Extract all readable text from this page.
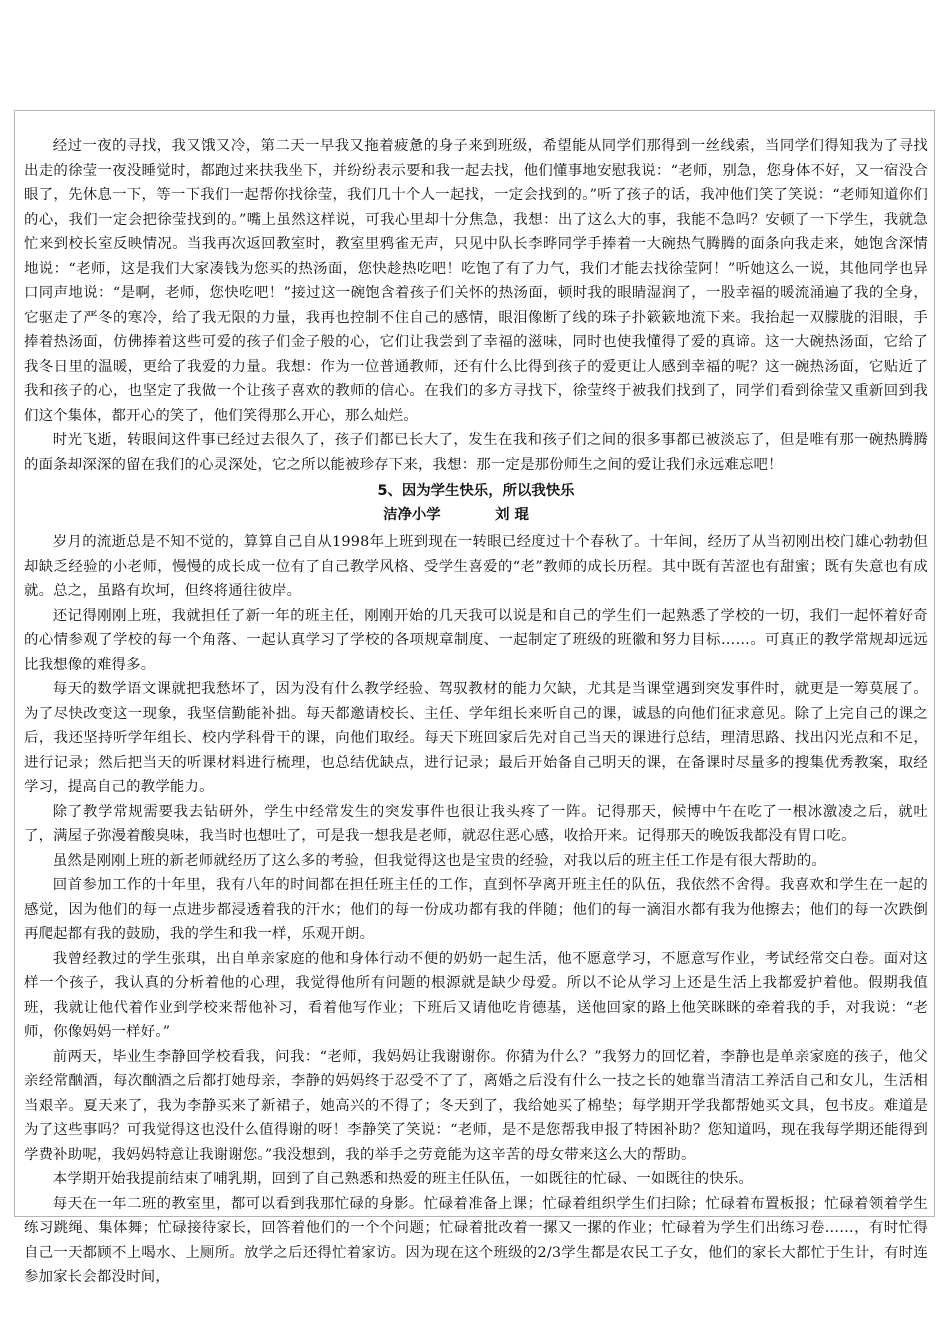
经过一夜的寻找，我又饿又冷，第二天一早我又拖着疲惫的身子来到班级，希望能从同学们那得到一丝线索，当同学们得知我为了寻找出走的徐莹一夜没睡觉时，都跑过来扶我坐下，并纷纷表示要和我一起去找，他们懂事地安慰我说：“老师，别急，您身体不好，又一宿没合眼了，先休息一下，等一下我们一起帮你找徐莹，我们几十个人一起找，一定会找到的。”听了孩子的话，我冲他们笑了笑说：“老师知道你们的心，我们一定会把徐莹找到的。”嘴上虽然这样说，可我心里却十分焦急，我想：出了这么大的事，我能不急吗？安顿了一下学生，我就急忙来到校长室反映情况。当我再次返回教室时，教室里鸦雀无声，只见中队长李晔同学手捧着一大碗热气腾腾的面条向我走来，她饱含深情地说：“老师，这是我们大家凑钱为您买的热汤面，您快趁热吃吧！吃饱了有了力气，我们才能去找徐莹阿！”听她这么一说，其他同学也异口同声地说：“是啊，老师，您快吃吧！”接过这一碗饱含着孩子们关怀的热汤面，顿时我的眼睛湿润了，一股幸福的暖流涌遍了我的全身，它驱走了严冬的寒冷，给了我无限的力量，我再也控制不住自己的感情，眼泪像断了线的珠子扑簌簌地流下来。我抬起一双朦胧的泪眼，手捧着热汤面，仿佛捧着这些可爱的孩子们金子般的心，它们让我尝到了幸福的滋味，同时也使我懂得了爱的真谛。这一大碗热汤面，它给了我冬日里的温暖，更给了我爱的力量。我想：作为一位普通教师，还有什么比得到孩子的爱更让人感到幸福的呢？这一碗热汤面，它贴近了我和孩子的心，也坚定了我做一个让孩子喜欢的教师的信心。在我们的多方寻找下，徐莹终于被我们找到了，同学们看到徐莹又重新回到我们这个集体，都开心的笑了，他们笑得那么开心，那么灿烂。

时光飞逝，转眼间这件事已经过去很久了，孩子们都已长大了，发生在我和孩子们之间的很多事都已被淡忘了，但是唯有那一碗热腾腾的面条却深深的留在我们的心灵深处，它之所以能被珍存下来，我想：那一定是那份师生之间的爱让我们永远难忘吧！

5、因为学生快乐，所以我快乐
洁净小学	刘 琨

岁月的流逝总是不知不觉的，算算自己自从1998年上班到现在一转眼已经度过十个春秋了。十年间，经历了从当初刚出校门雄心勃勃但却缺乏经验的小老师，慢慢的成长成一位有了自己教学风格、受学生喜爱的“老”教师的成长历程。其中既有苦涩也有甜蜜；既有失意也有成就。总之，虽路有坎坷，但终将通往彼岸。

还记得刚刚上班，我就担任了新一年的班主任，刚刚开始的几天我可以说是和自己的学生们一起熟悉了学校的一切，我们一起怀着好奇的心情参观了学校的每一个角落、一起认真学习了学校的各项规章制度、一起制定了班级的班徽和努力目标……。可真正的教学常规却远远比我想像的难得多。

每天的数学语文课就把我愁坏了，因为没有什么教学经验、驾驭教材的能力欠缺，尤其是当课堂遇到突发事件时，就更是一筹莫展了。为了尽快改变这一现象，我坚信勤能补拙。每天都邀请校长、主任、学年组长来听自己的课，诚恳的向他们征求意见。除了上完自己的课之后，我还坚持听学年组长、校内学科骨干的课，向他们取经。每天下班回家后先对自己当天的课进行总结，理清思路、找出闪光点和不足，进行记录；然后把当天的听课材料进行梳理，也总结优缺点，进行记录；最后开始备自己明天的课，在备课时尽量多的搜集优秀教案，取经学习，提高自己的教学能力。

除了教学常规需要我去钻研外，学生中经常发生的突发事件也很让我头疼了一阵。记得那天，候博中午在吃了一根冰激凌之后，就吐了，满屋子弥漫着酸臭味，我当时也想吐了，可是我一想我是老师，就忍住恶心感，收拾开来。记得那天的晚饭我都没有胃口吃。

虽然是刚刚上班的新老师就经历了这么多的考验，但我觉得这也是宝贵的经验，对我以后的班主任工作是有很大帮助的。

回首参加工作的十年里，我有八年的时间都在担任班主任的工作，直到怀孕离开班主任的队伍，我依然不舍得。我喜欢和学生在一起的感觉，因为他们的每一点进步都浸透着我的汗水；他们的每一份成功都有我的伴随；他们的每一滴泪水都有我为他擦去；他们的每一次跌倒再爬起都有我的鼓励，我的学生和我一样，乐观开朗。

我曾经教过的学生张琪，出自单亲家庭的他和身体行动不便的奶奶一起生活，他不愿意学习，不愿意写作业，考试经常交白卷。面对这样一个孩子，我认真的分析着他的心理，我觉得他所有问题的根源就是缺少母爱。所以不论从学习上还是生活上我都爱护着他。假期我值班，我就让他代着作业到学校来帮他补习，看着他写作业；下班后又请他吃肯德基，送他回家的路上他笑眯眯的牵着我的手，对我说：“老师，你像妈妈一样好。”

前两天，毕业生李静回学校看我，问我：“老师，我妈妈让我谢谢你。你猜为什么？”我努力的回忆着，李静也是单亲家庭的孩子，他父亲经常酗酒，每次酗酒之后都打她母亲，李静的妈妈终于忍受不了了，离婚之后没有什么一技之长的她靠当清洁工养活自己和女儿，生活相当艰辛。夏天来了，我为李静买来了新裙子，她高兴的不得了；冬天到了，我给她买了棉垫；每学期开学我都帮她买文具，包书皮。难道是为了这些事吗？可我觉得这也没什么值得谢的呀！李静笑了笑说：“老师，是不是您帮我申报了特困补助？您知道吗，现在我每学期还能得到学费补助呢，我妈妈特意让我谢谢您。”我没想到，我的举手之劳竟能为这辛苦的母女带来这么大的帮助。

本学期开始我提前结束了哺乳期，回到了自己熟悉和热爱的班主任队伍，一如既往的忙碌、一如既往的快乐。

每天在一年二班的教室里，都可以看到我那忙碌的身影。忙碌着准备上课；忙碌着组织学生们扫除；忙碌着布置板报；忙碌着领着学生练习跳绳、集体舞；忙碌接待家长，回答着他们的一个个问题；忙碌着批改着一摞又一摞的作业；忙碌着为学生们出练习卷……，有时忙得自己一天都顾不上喝水、上厕所。放学之后还得忙着家访。因为现在这个班级的2/3学生都是农民工子女，他们的家长大都忙于生计，有时连参加家长会都没时间，
